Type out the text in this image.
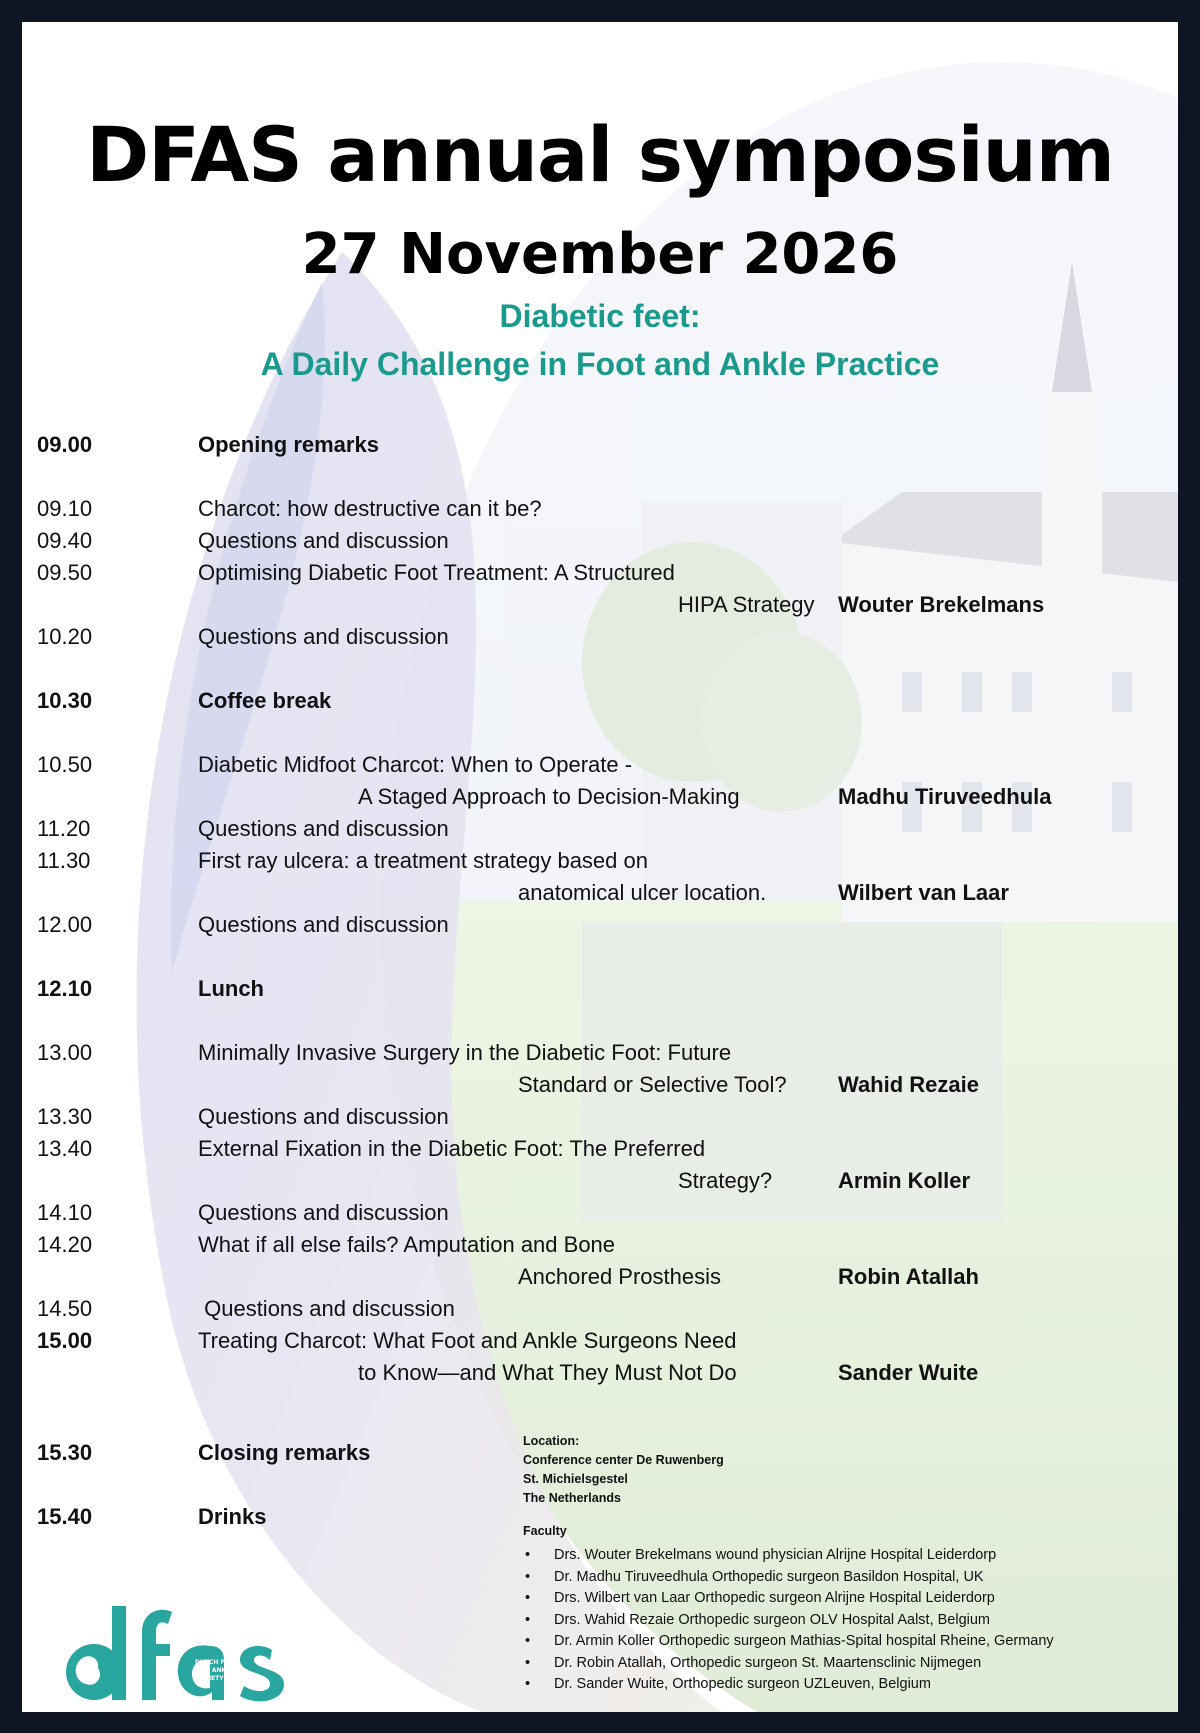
DFAS annual symposium
27 November 2026
Diabetic feet:
A Daily Challenge in Foot and Ankle Practice
09.00	Opening remarks
09.10	Charcot: how destructive can it be?
09.40	Questions and discussion
09.50	Optimising Diabetic Foot Treatment: A Structured
HIPA Strategy Wouter Brekelmans
10.20	Questions and discussion
10.30	Coffee break
10.50	Diabetic Midfoot Charcot: When to Operate -
A Staged Approach to Decision-Making	Madhu Tiruveedhula
11.20	Questions and discussion
11.30	First ray ulcera: a treatment strategy based on
anatomical ulcer location.	Wilbert van Laar
12.00	Questions and discussion
12.10	Lunch
13.00	Minimally Invasive Surgery in the Diabetic Foot: Future
Standard or Selective Tool? Wahid Rezaie
13.30	Questions and discussion
13.40	External Fixation in the Diabetic Foot: The Preferred
Strategy?	Armin Koller
14.10	Questions and discussion
14.20	What if all else fails? Amputation and Bone
Anchored Prosthesis	Robin Atallah
14.50	Questions and discussion
15.00	Treating Charcot: What Foot and Ankle Surgeons Need
to Know—and What They Must Not Do	Sander Wuite
15.30	Closing remarks
15.40	Drinks
Location:
Conference center De Ruwenberg
St. Michielsgestel
The Netherlands
Faculty
• Drs. Wouter Brekelmans wound physician Alrijne Hospital Leiderdorp
• Dr. Madhu Tiruveedhula Orthopedic surgeon Basildon Hospital, UK
• Drs. Wilbert van Laar Orthopedic surgeon Alrijne Hospital Leiderdorp
• Drs. Wahid Rezaie Orthopedic surgeon OLV Hospital Aalst, Belgium
• Dr. Armin Koller Orthopedic surgeon Mathias-Spital hospital Rheine, Germany
• Dr. Robin Atallah, Orthopedic surgeon St. Maartensclinic Nijmegen
• Dr. Sander Wuite, Orthopedic surgeon UZLeuven, Belgium
DUTCH FOOT
AND ANKLE
SOCIETY
